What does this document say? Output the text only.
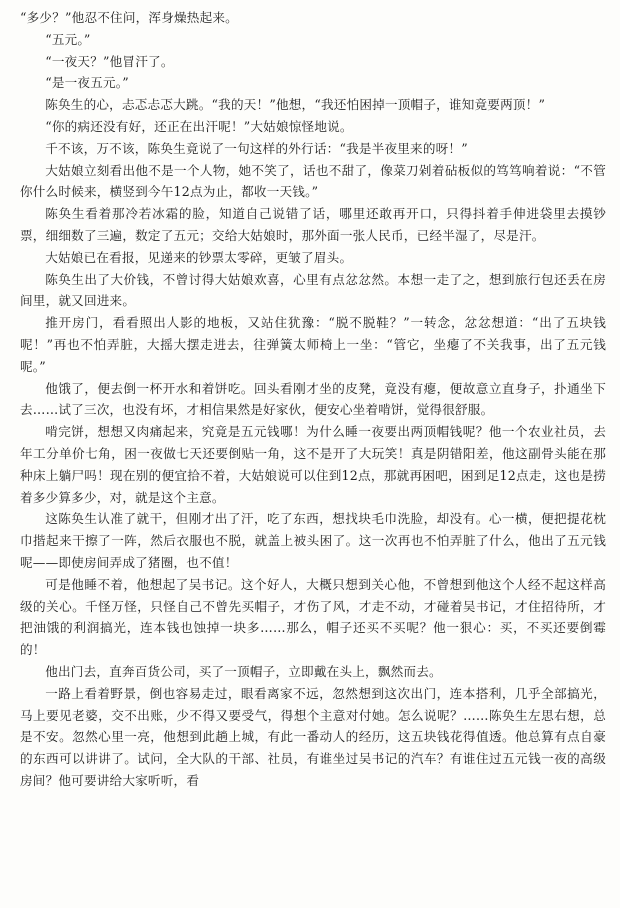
“多少？”他忍不住问，浑身燥热起来。

“五元。”

“一夜天？”他冒汗了。

“是一夜五元。”

陈奂生的心，忐忑忐忑大跳。“我的天！”他想，“我还怕困掉一顶帽子，谁知竟要两顶！”

“你的病还没有好，还正在出汗呢！”大姑娘惊怪地说。

千不该，万不该，陈奂生竟说了一句这样的外行话：“我是半夜里来的呀！”

大姑娘立刻看出他不是一个人物，她不笑了，话也不甜了，像菜刀剁着砧板似的笃笃响着说：“不管你什么时候来，横竖到今午12点为止，都收一天钱。”

陈奂生看着那冷若冰霜的脸，知道自己说错了话，哪里还敢再开口，只得抖着手伸进袋里去摸钞票，细细数了三遍，数定了五元；交给大姑娘时，那外面一张人民币，已经半湿了，尽是汗。

大姑娘已在看报，见递来的钞票太零碎，更皱了眉头。

陈奂生出了大价钱，不曾讨得大姑娘欢喜，心里有点忿忿然。本想一走了之，想到旅行包还丢在房间里，就又回进来。

推开房门，看看照出人影的地板，又站住犹豫：“脱不脱鞋？”一转念，忿忿想道：“出了五块钱呢！”再也不怕弄脏，大摇大摆走进去，往弹簧太师椅上一坐：“管它，坐瘪了不关我事，出了五元钱呢。”

他饿了，便去倒一杯开水和着饼吃。回头看刚才坐的皮凳，竟没有瘪，便故意立直身子，扑通坐下去……试了三次，也没有坏，才相信果然是好家伙，便安心坐着啃饼，觉得很舒服。

啃完饼，想想又肉痛起来，究竟是五元钱哪！为什么睡一夜要出两顶帽钱呢？他一个农业社员，去年工分单价七角，困一夜做七天还要倒贴一角，这不是开了大玩笑！真是阴错阳差，他这副骨头能在那种床上躺尸吗！现在别的便宜拾不着，大姑娘说可以住到12点，那就再困吧，困到足12点走，这也是捞着多少算多少，对，就是这个主意。

这陈奂生认准了就干，但刚才出了汗，吃了东西，想找块毛巾洗脸，却没有。心一横，便把提花枕巾揩起来干擦了一阵，然后衣服也不脱，就盖上被头困了。这一次再也不怕弄脏了什么，他出了五元钱呢——即使房间弄成了猪圈，也不值！

可是他睡不着，他想起了吴书记。这个好人，大概只想到关心他，不曾想到他这个人经不起这样高级的关心。千怪万怪，只怪自己不曾先买帽子，才伤了风，才走不动，才碰着吴书记，才住招待所，才把油饿的利润搞光，连本钱也蚀掉一块多……那么，帽子还买不买呢？他一狠心：买，不买还要倒霉的！

他出门去，直奔百货公司，买了一顶帽子，立即戴在头上，飘然而去。

一路上看着野景，倒也容易走过，眼看离家不远，忽然想到这次出门，连本搭利，几乎全部搞光，马上要见老婆，交不出账，少不得又要受气，得想个主意对付她。怎么说呢？……陈奂生左思右想，总是不安。忽然心里一亮，他想到此趟上城，有此一番动人的经历，这五块钱花得值透。他总算有点自豪的东西可以讲讲了。试问，全大队的干部、社员，有谁坐过吴书记的汽车？有谁住过五元钱一夜的高级房间？他可要讲给大家听听，看
